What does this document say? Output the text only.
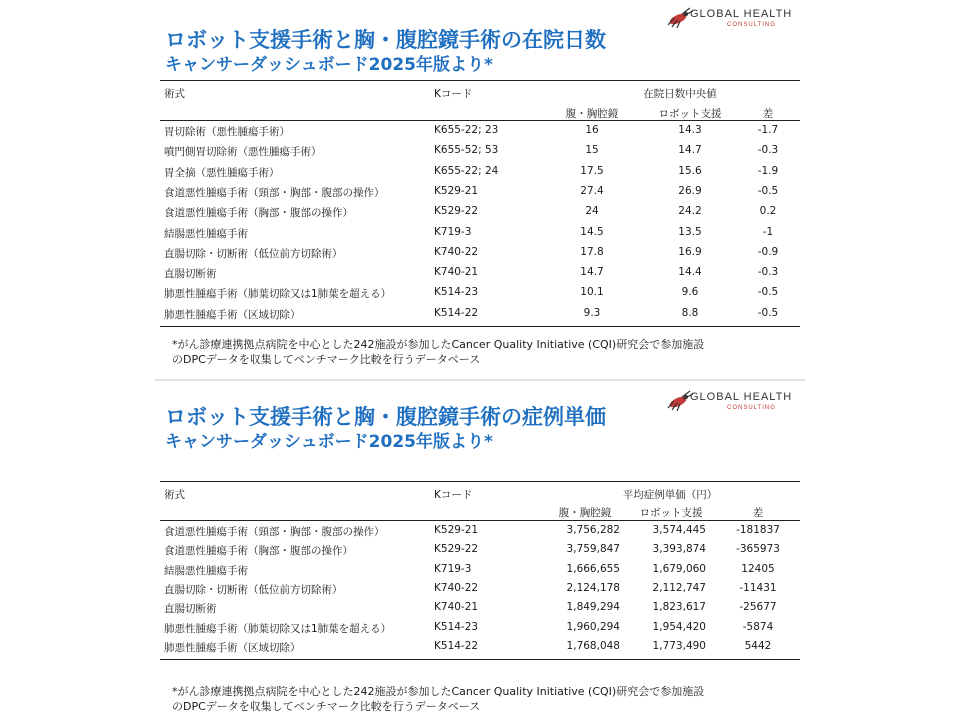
GLOBAL HEALTH
CONSULTING
ロボット支援手術と胸・腹腔鏡手術の在院日数
キャンサーダッシュボード2025年版より*
術式	Kコード	在院日数中央値
腹・胸腔鏡	ロボット支援	差
胃切除術（悪性腫瘍手術）	K655-22; 23	16	14.3	-1.7
噴門側胃切除術（悪性腫瘍手術）	K655-52; 53	15	14.7	-0.3
胃全摘（悪性腫瘍手術）	K655-22; 24	17.5	15.6	-1.9
食道悪性腫瘍手術（頸部・胸部・腹部の操作）	K529-21	27.4	26.9	-0.5
食道悪性腫瘍手術（胸部・腹部の操作）	K529-22	24	24.2	0.2
結腸悪性腫瘍手術	K719-3	14.5	13.5	-1
直腸切除・切断術（低位前方切除術）	K740-22	17.8	16.9	-0.9
直腸切断術	K740-21	14.7	14.4	-0.3
肺悪性腫瘍手術（肺葉切除又は1肺葉を超える）	K514-23	10.1	9.6	-0.5
肺悪性腫瘍手術（区域切除）	K514-22	9.3	8.8	-0.5

*がん診療連携拠点病院を中心とした242施設が参加したCancer Quality Initiative (CQI)研究会で参加施設
のDPCデータを収集してベンチマーク比較を行うデータベース

GLOBAL HEALTH
CONSULTING
ロボット支援手術と胸・腹腔鏡手術の症例単価
キャンサーダッシュボード2025年版より*
術式	Kコード	平均症例単価（円）
腹・胸腔鏡	ロボット支援	差
食道悪性腫瘍手術（頸部・胸部・腹部の操作）	K529-21	3,756,282	3,574,445	-181837
食道悪性腫瘍手術（胸部・腹部の操作）	K529-22	3,759,847	3,393,874	-365973
結腸悪性腫瘍手術	K719-3	1,666,655	1,679,060	12405
直腸切除・切断術（低位前方切除術）	K740-22	2,124,178	2,112,747	-11431
直腸切断術	K740-21	1,849,294	1,823,617	-25677
肺悪性腫瘍手術（肺葉切除又は1肺葉を超える）	K514-23	1,960,294	1,954,420	-5874
肺悪性腫瘍手術（区域切除）	K514-22	1,768,048	1,773,490	5442

*がん診療連携拠点病院を中心とした242施設が参加したCancer Quality Initiative (CQI)研究会で参加施設
のDPCデータを収集してベンチマーク比較を行うデータベース
